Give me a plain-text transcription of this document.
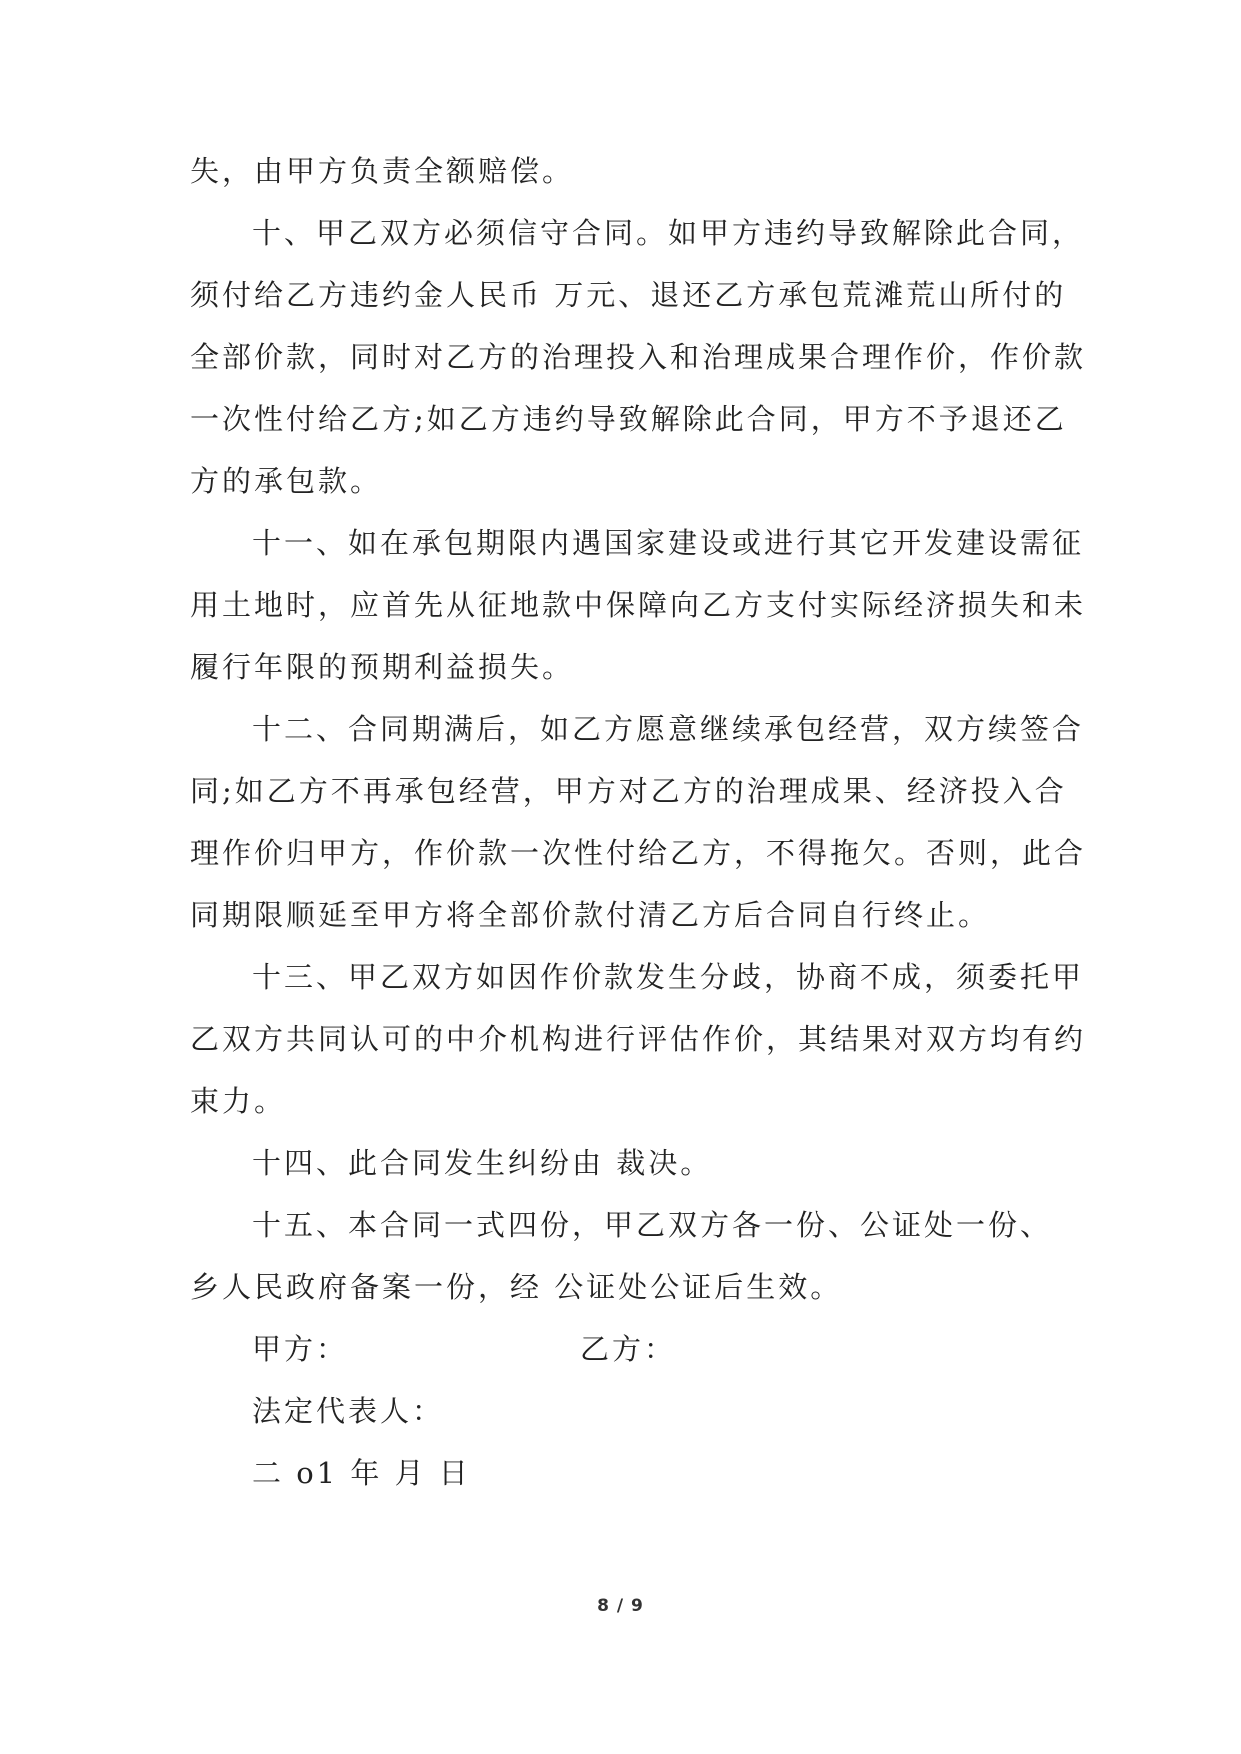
失，由甲方负责全额赔偿。
十、甲乙双方必须信守合同。如甲方违约导致解除此合同，
须付给乙方违约金人民币 万元、退还乙方承包荒滩荒山所付的
全部价款，同时对乙方的治理投入和治理成果合理作价，作价款
一次性付给乙方;如乙方违约导致解除此合同，甲方不予退还乙
方的承包款。
十一、如在承包期限内遇国家建设或进行其它开发建设需征
用土地时，应首先从征地款中保障向乙方支付实际经济损失和未
履行年限的预期利益损失。
十二、合同期满后，如乙方愿意继续承包经营，双方续签合
同;如乙方不再承包经营，甲方对乙方的治理成果、经济投入合
理作价归甲方，作价款一次性付给乙方，不得拖欠。否则，此合
同期限顺延至甲方将全部价款付清乙方后合同自行终止。
十三、甲乙双方如因作价款发生分歧，协商不成，须委托甲
乙双方共同认可的中介机构进行评估作价，其结果对双方均有约
束力。
十四、此合同发生纠纷由 裁决。
十五、本合同一式四份，甲乙双方各一份、公证处一份、
乡人民政府备案一份，经 公证处公证后生效。
甲方：	乙方：
法定代表人：
二 o1 年 月 日
8 / 9
